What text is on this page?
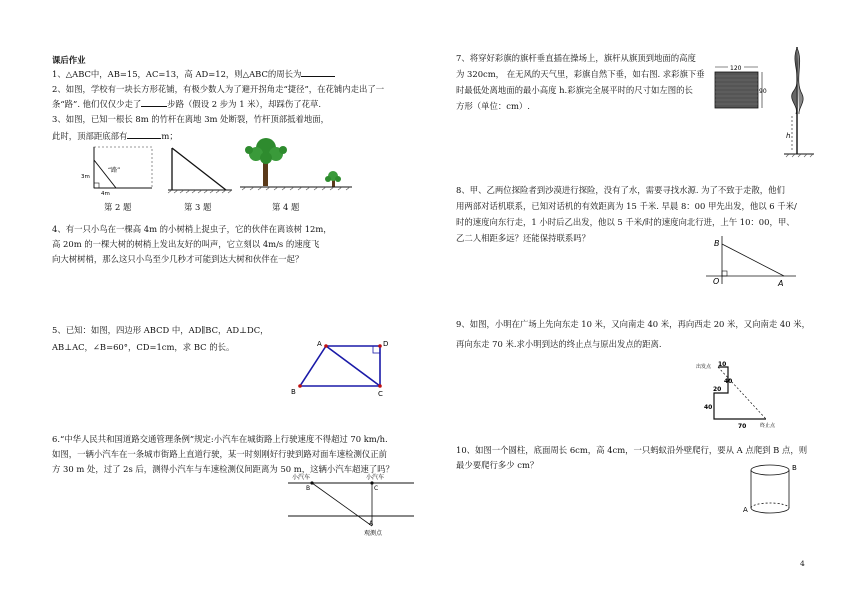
课后作业
1、△ABC中，AB=15，AC=13，高 AD=12，则△ABC的周长为
2、如图，学校有一块长方形花铺，有极少数人为了避开拐角走“捷径”，在花铺内走出了一
条“路”. 他们仅仅少走了	步路（假设 2 步为 1 米），却踩伤了花草.
3、如图，已知一根长 8m 的竹杆在离地 3m 处断裂，竹杆顶部抵着地面，
此时，顶部距底部有	m；
“路”
3m
4m
第 2 题	第 3 题	第 4 题
4、有一只小鸟在一棵高 4m 的小树梢上捉虫子，它的伙伴在离该树 12m，
高 20m 的一棵大树的树梢上发出友好的叫声，它立刻以 4m/s 的速度飞
向大树树梢，那么这只小鸟至少几秒才可能到达大树和伙伴在一起？
5、已知：如图，四边形 ABCD 中，AD∥BC，AD⊥DC，
AB⊥AC，∠B=60°，CD=1cm，求 BC 的长。	A	D
B	C
6.“中华人民共和国道路交通管理条例”规定:小汽车在城街路上行驶速度不得超过 70 km/h.
如图，一辆小汽车在一条城市街路上直道行驶，某一时刻刚好行驶到路对面车速检测仪正前
方 30 m 处，过了 2s 后，测得小汽车与车速检测仪间距离为 50 m，这辆小汽车超速了吗？
小汽车	小汽车
B	C
A
观测点
7、将穿好彩旗的旗杆垂直插在操场上，旗杆从旗顶到地面的高度
为 320cm， 在无风的天气里，彩旗自然下垂，如右图. 求彩旗下垂
时最低处离地面的最小高度 h.彩旗完全展平时的尺寸如左图的长
方形（单位：cm）.
120
90
h
8、甲、乙两位探险者到沙漠进行探险，没有了水，需要寻找水源. 为了不致于走散，他们
用两部对话机联系，已知对话机的有效距离为 15 千米. 早晨 8：00 甲先出发，他以 6 千米/
时的速度向东行走，1 小时后乙出发，他以 5 千米/时的速度向北行进，上午 10：00，甲、
乙二人相距多远？还能保持联系吗？
B
O	A
9、如图，小明在广场上先向东走 10 米，又向南走 40 米，再向西走 20 米，又向南走 40 米，
再向东走 70 米.求小明到达的终止点与原出发点的距离.
出发点 10
40
20
40
70	终止点
10、如图一个圆柱，底面周长 6cm，高 4cm，一只蚂蚁沿外壁爬行，要从 A 点爬到 B 点，则
最少要爬行多少 cm？	B
A
4
